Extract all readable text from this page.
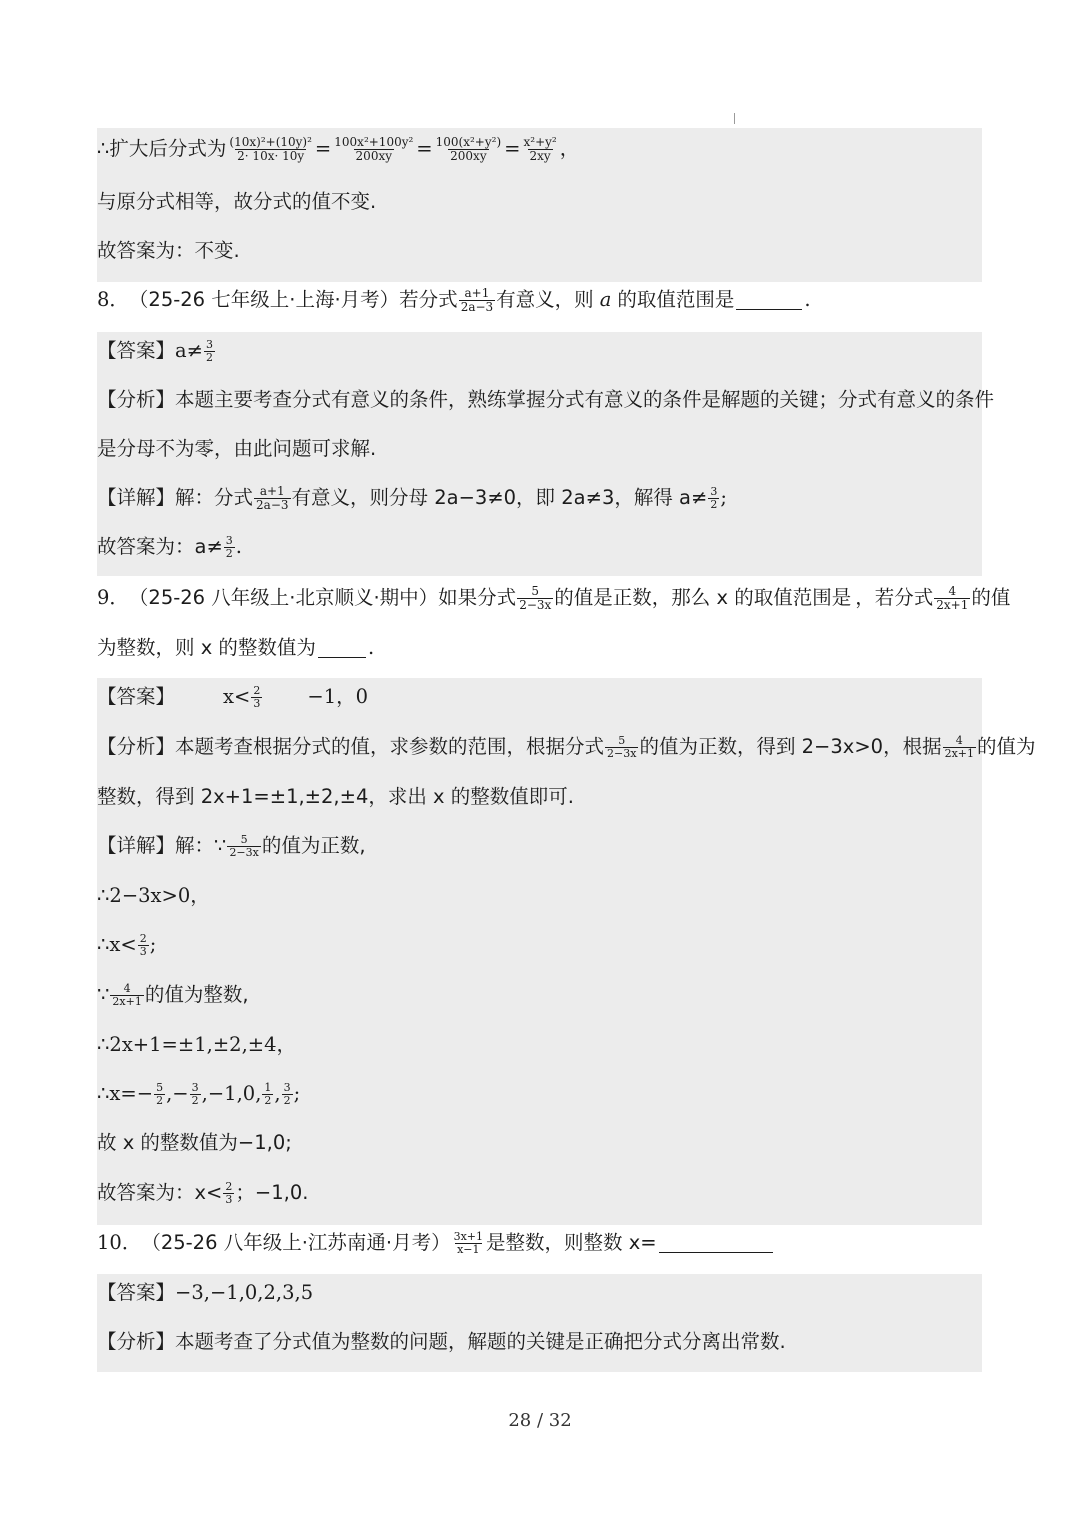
∴扩大后分式为 $\frac{\text{(10x)²+(10y)²}}{2\cdot 10x\cdot 10y} = \frac{\text{100x²+100y²}}{200xy} = \frac{\text{100(x²+y²)}}{200xy} = \frac{\text{x²+y²}}{2xy}$ ，
与原分式相等，故分式的值不变.
故答案为：不变.
8． （25-26 七年级上·上海·月考）若分式 $\frac{a+1}{2a-3}$ 有意义，则 a 的取值范围是	.
【答案】 $a\ne \frac{3}{2}$
【分析】 本题主要考查分式有意义的条件，熟练掌握分式有意义的条件是解题的关键；分式有意义的条件
是分母不为零，由此问题可求解.
【详解】 解：分式 $\frac{a+1}{2a-3}$ 有意义，则分母 2a−3≠0，即 2a≠3，解得 $a\ne \frac{3}{2}$ ;
故答案为：$a\ne \frac{3}{2}$ .
9． （25-26 八年级上·北京顺义·期中）如果分式 $\frac{5}{2-3x}$ 的值是正数，那么 x 的取值范围是 ，若分式 $\frac{4}{2x+1}$ 的值
为整数，则 x 的整数值为	.
【答案】 $x< \frac{2}{3} -1$，0
【分析】 本题考查根据分式的值，求参数的范围，根据分式 $\frac{5}{2-3x}$ 的值为正数，得到 2−3x>0，根据 $\frac{4}{2x+1}$ 的值为
整数，得到 2x+1=±1,±2,±4，求出 x 的整数值即可.
【详解】 解：∵ $\frac{5}{2-3x}$ 的值为正数,
∴2−3x>0，
∴x< $\frac{2}{3}$ ;
∵ $\frac{4}{2x+1}$ 的值为整数,
∴2x+1=±1,±2,±4，
∴x=− $\frac{5}{2}$ ,− $\frac{3}{2} ,-1,0$, $\frac{1}{2}$ , $\frac{3}{2}$ ;
故 x 的整数值为−1,0;
故答案为：$x< \frac{2}{3}$ ；−1,0.
10． （25-26 八年级上·江苏南通·月考） $\frac{3x+1}{x-1}$ 是整数，则整数 x=
【答案】 −3,−1,0,2,3,5
【分析】 本题考查了分式值为整数的问题，解题的关键是正确把分式分离出常数.
28 / 32
